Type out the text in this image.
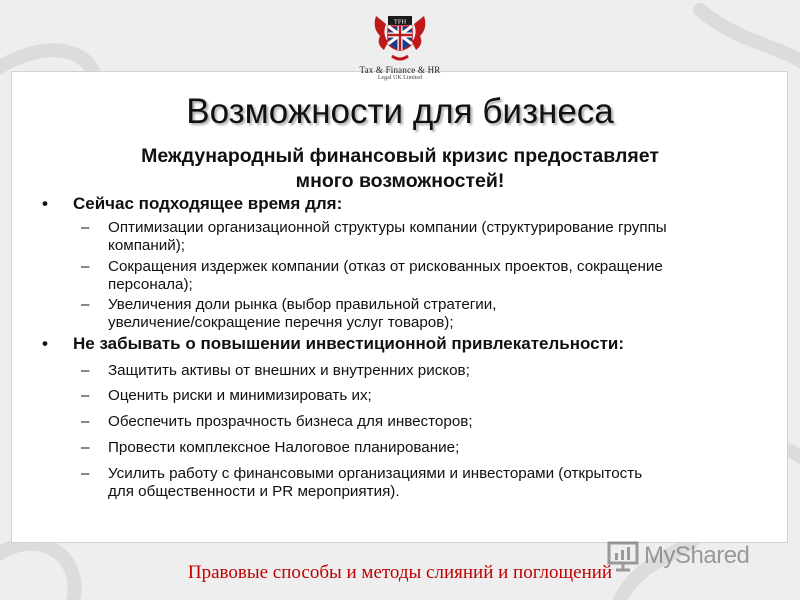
TFH
Tax & Finance & HR
Legal UK Limited
Возможности для бизнеса
Международный финансовый кризис предоставляет
много возможностей!
•	Сейчас подходящее время для:
–	Оптимизации организационной структуры компании (структурирование группы
компаний);
–	Сокращения издержек компании (отказ от рискованных проектов, сокращение
персонала);
–	Увеличения доли рынка (выбор правильной стратегии,
увеличение/сокращение перечня услуг товаров);
•	Не забывать о повышении инвестиционной привлекательности:
–	Защитить активы от внешних и внутренних рисков;
–	Оценить риски и минимизировать их;
–	Обеспечить прозрачность бизнеса для инвесторов;
–	Провести комплексное Налоговое планирование;
–	Усилить работу с финансовыми организациями и инвесторами (открытость
для общественности и PR мероприятия).
MyShared
Правовые способы и методы слияний и поглощений
